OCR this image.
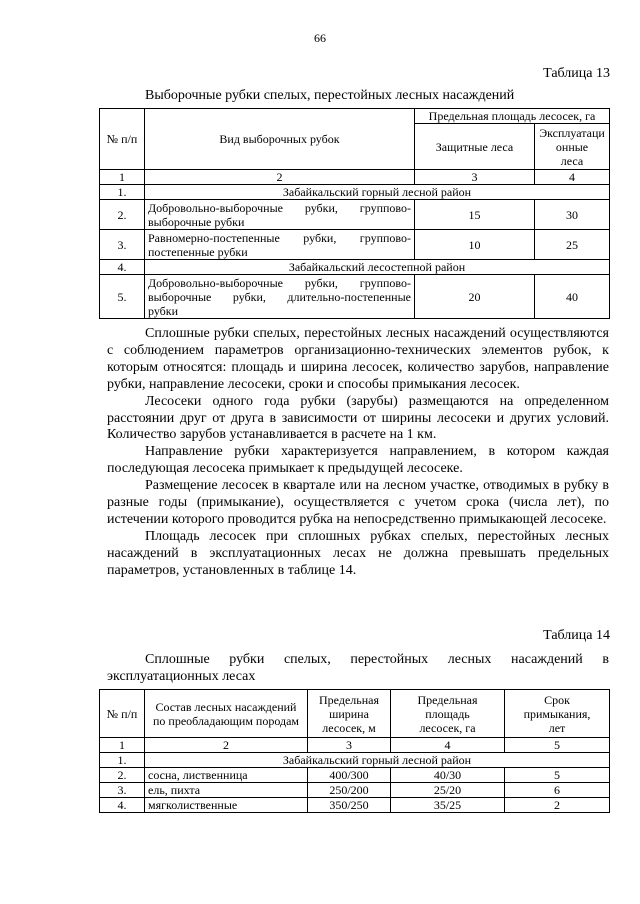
66
Таблица 13
Выборочные рубки спелых, перестойных лесных насаждений
№ п/п	Вид выборочных рубок	Предельная площадь лесосек, га	
		Защитные леса	Эксплуатаци
онные
леса
1	2	3	4
1.	Забайкальский горный лесной район		
2.	Добровольно-выборочные рубки, группово-
выборочные рубки	15	30
3.	Равномерно-постепенные рубки, группово-
постепенные рубки	10	25
4.	Забайкальский лесостепной район		
5.	Добровольно-выборочные рубки, группово-
выборочные рубки, длительно-постепенные
рубки	20	40

Сплошные рубки спелых, перестойных лесных насаждений осуществляются с соблюдением параметров организационно-технических элементов рубок, к которым относятся: площадь и ширина лесосек, количество зарубов, направление рубки, направление лесосеки, сроки и способы примыкания лесосек.

Лесосеки одного года рубки (зарубы) размещаются на определенном расстоянии друг от друга в зависимости от ширины лесосеки и других условий. Количество зарубов устанавливается в расчете на 1 км.

Направление рубки характеризуется направлением, в котором каждая последующая лесосека примыкает к предыдущей лесосеке.

Размещение лесосек в квартале или на лесном участке, отводимых в рубку в разные годы (примыкание), осуществляется с учетом срока (числа лет), по истечении которого проводится рубка на непосредственно примыкающей лесосеке.

Площадь лесосек при сплошных рубках спелых, перестойных лесных насаждений в эксплуатационных лесах не должна превышать предельных параметров, установленных в таблице 14.

Таблица 14
Сплошные рубки спелых, перестойных лесных насаждений в эксплуатационных лесах
№ п/п	Состав лесных насаждений
по преобладающим породам	Предельная
ширина
лесосек, м	Предельная
площадь
лесосек, га	Срок
примыкания,
лет
1	2	3	4	5
1.	Забайкальский горный лесной район			
2.	сосна, лиственница	400/300	40/30	5
3.	ель, пихта	250/200	25/20	6
4.	мягколиственные	350/250	35/25	2
